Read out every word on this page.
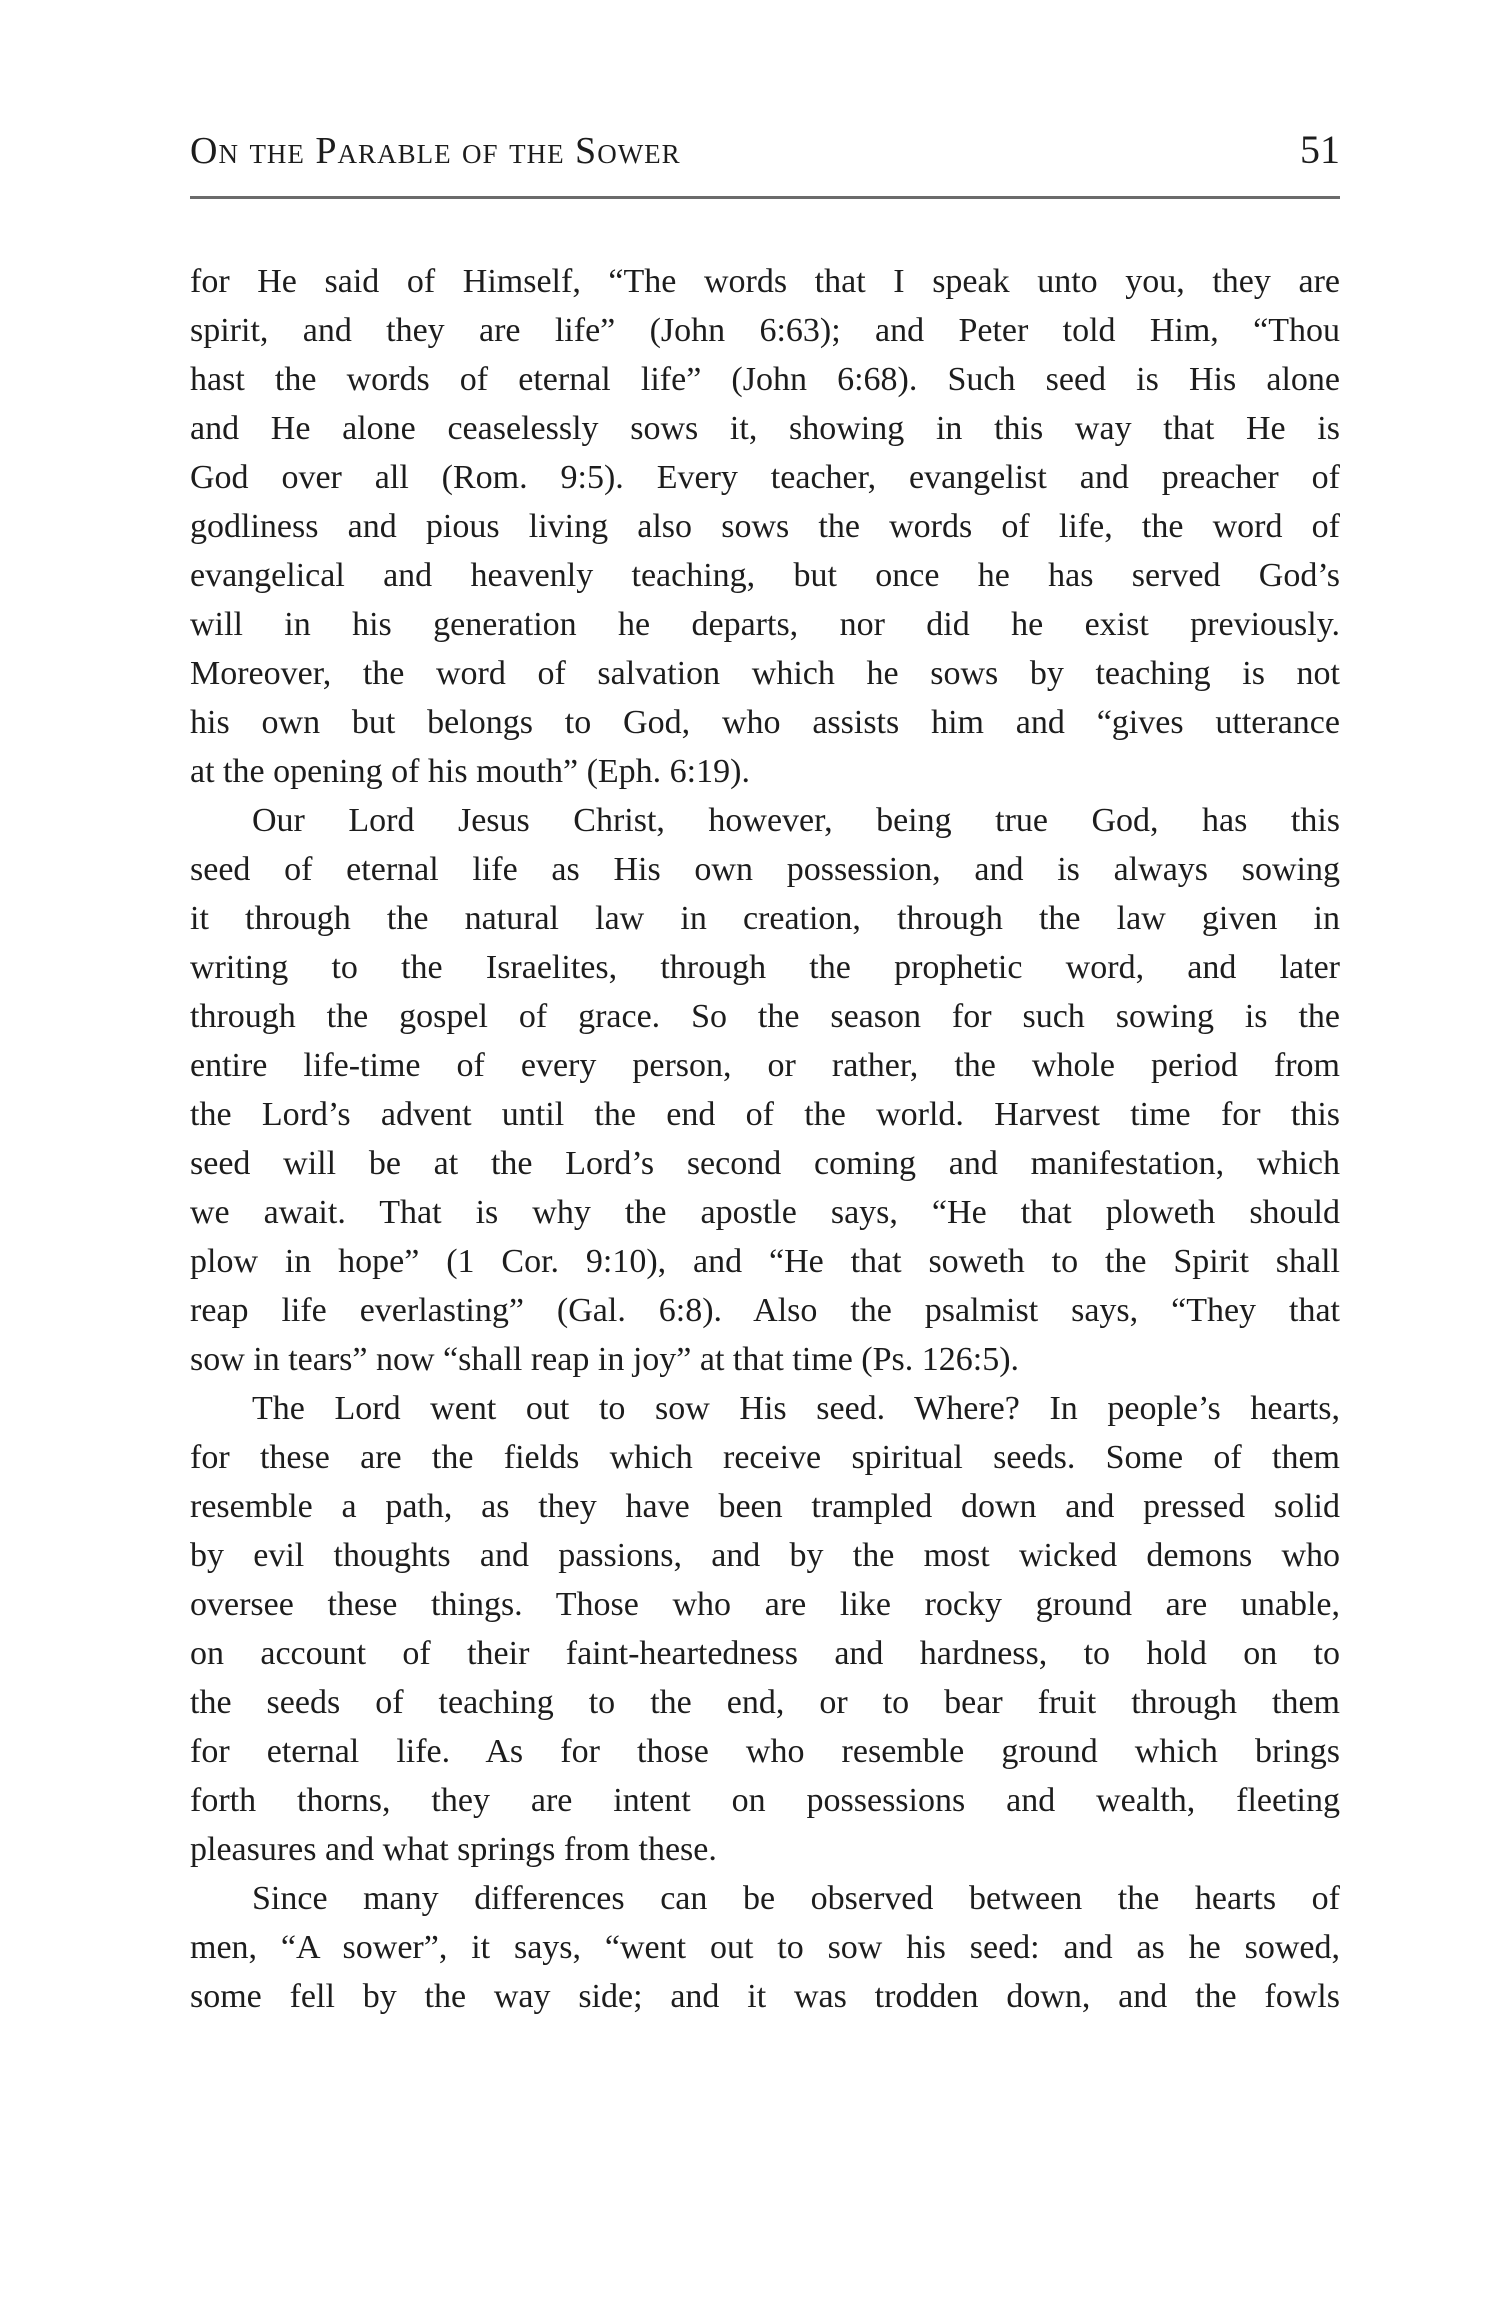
On the Parable of the Sower	51
for He said of Himself, “The words that I speak unto you, they are
spirit, and they are life” (John 6:63); and Peter told Him, “Thou
hast the words of eternal life” (John 6:68). Such seed is His alone
and He alone ceaselessly sows it, showing in this way that He is
God over all (Rom. 9:5). Every teacher, evangelist and preacher of
godliness and pious living also sows the words of life, the word of
evangelical and heavenly teaching, but once he has served God’s
will in his generation he departs, nor did he exist previously.
Moreover, the word of salvation which he sows by teaching is not
his own but belongs to God, who assists him and “gives utterance
at the opening of his mouth” (Eph. 6:19).
Our Lord Jesus Christ, however, being true God, has this
seed of eternal life as His own possession, and is always sowing
it through the natural law in creation, through the law given in
writing to the Israelites, through the prophetic word, and later
through the gospel of grace. So the season for such sowing is the
entire life-time of every person, or rather, the whole period from
the Lord’s advent until the end of the world. Harvest time for this
seed will be at the Lord’s second coming and manifestation, which
we await. That is why the apostle says, “He that ploweth should
plow in hope” (1 Cor. 9:10), and “He that soweth to the Spirit shall
reap life everlasting” (Gal. 6:8). Also the psalmist says, “They that
sow in tears” now “shall reap in joy” at that time (Ps. 126:5).
The Lord went out to sow His seed. Where? In people’s hearts,
for these are the fields which receive spiritual seeds. Some of them
resemble a path, as they have been trampled down and pressed solid
by evil thoughts and passions, and by the most wicked demons who
oversee these things. Those who are like rocky ground are unable,
on account of their faint-heartedness and hardness, to hold on to
the seeds of teaching to the end, or to bear fruit through them
for eternal life. As for those who resemble ground which brings
forth thorns, they are intent on possessions and wealth, fleeting
pleasures and what springs from these.
Since many differences can be observed between the hearts of
men, “A sower”, it says, “went out to sow his seed: and as he sowed,
some fell by the way side; and it was trodden down, and the fowls
